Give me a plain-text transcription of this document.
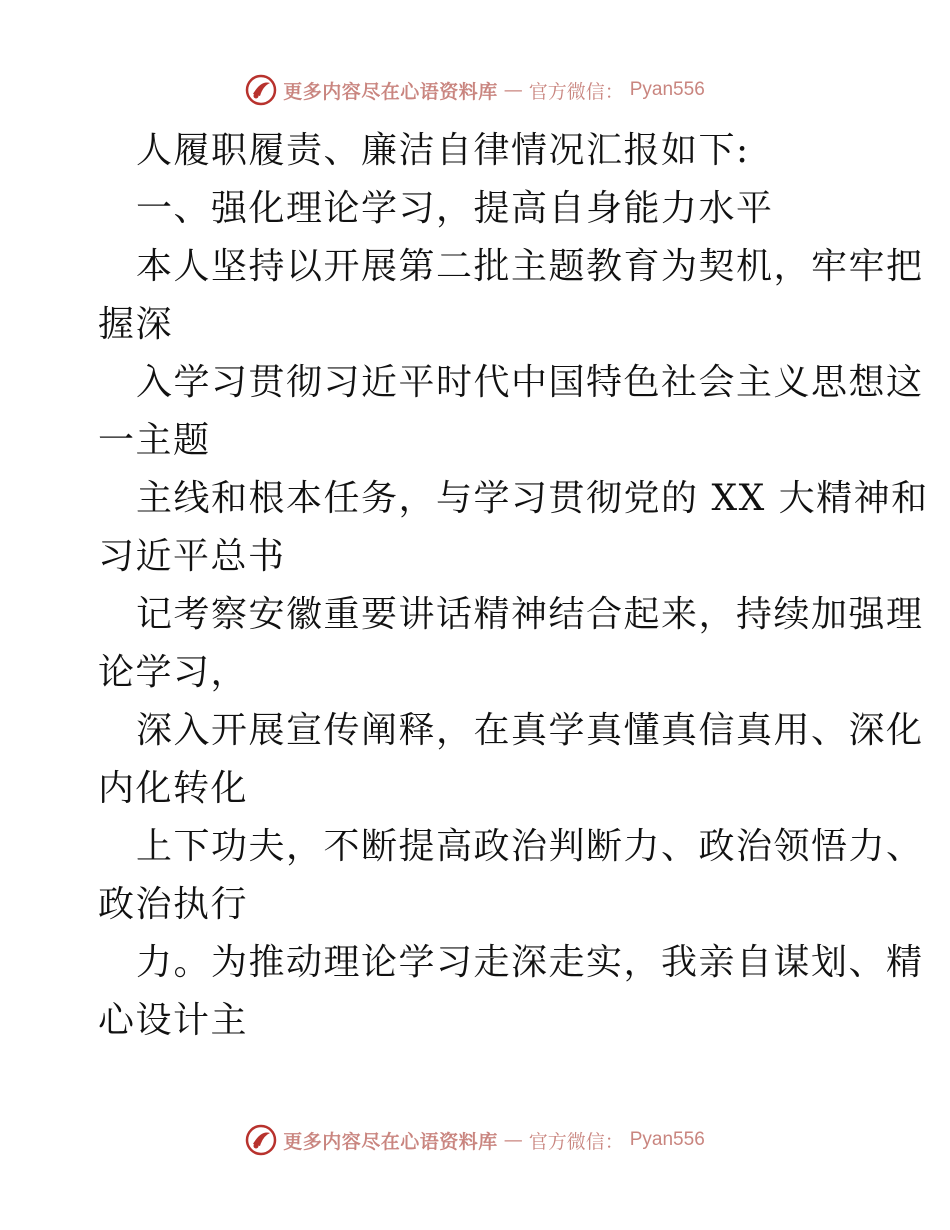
更多内容尽在心语资料库 — 官方微信： Pyan556
人履职履责、廉洁自律情况汇报如下:
一、强化理论学习，提高自身能力水平
本人坚持以开展第二批主题教育为契机，牢牢把
握深
入学习贯彻习近平时代中国特色社会主义思想这
一主题
主线和根本任务，与学习贯彻党的 XX 大精神和
习近平总书
记考察安徽重要讲话精神结合起来，持续加强理
论学习，
深入开展宣传阐释，在真学真懂真信真用、深化
内化转化
上下功夫，不断提高政治判断力、政治领悟力、
政治执行
力。为推动理论学习走深走实，我亲自谋划、精
心设计主
更多内容尽在心语资料库 — 官方微信： Pyan556
